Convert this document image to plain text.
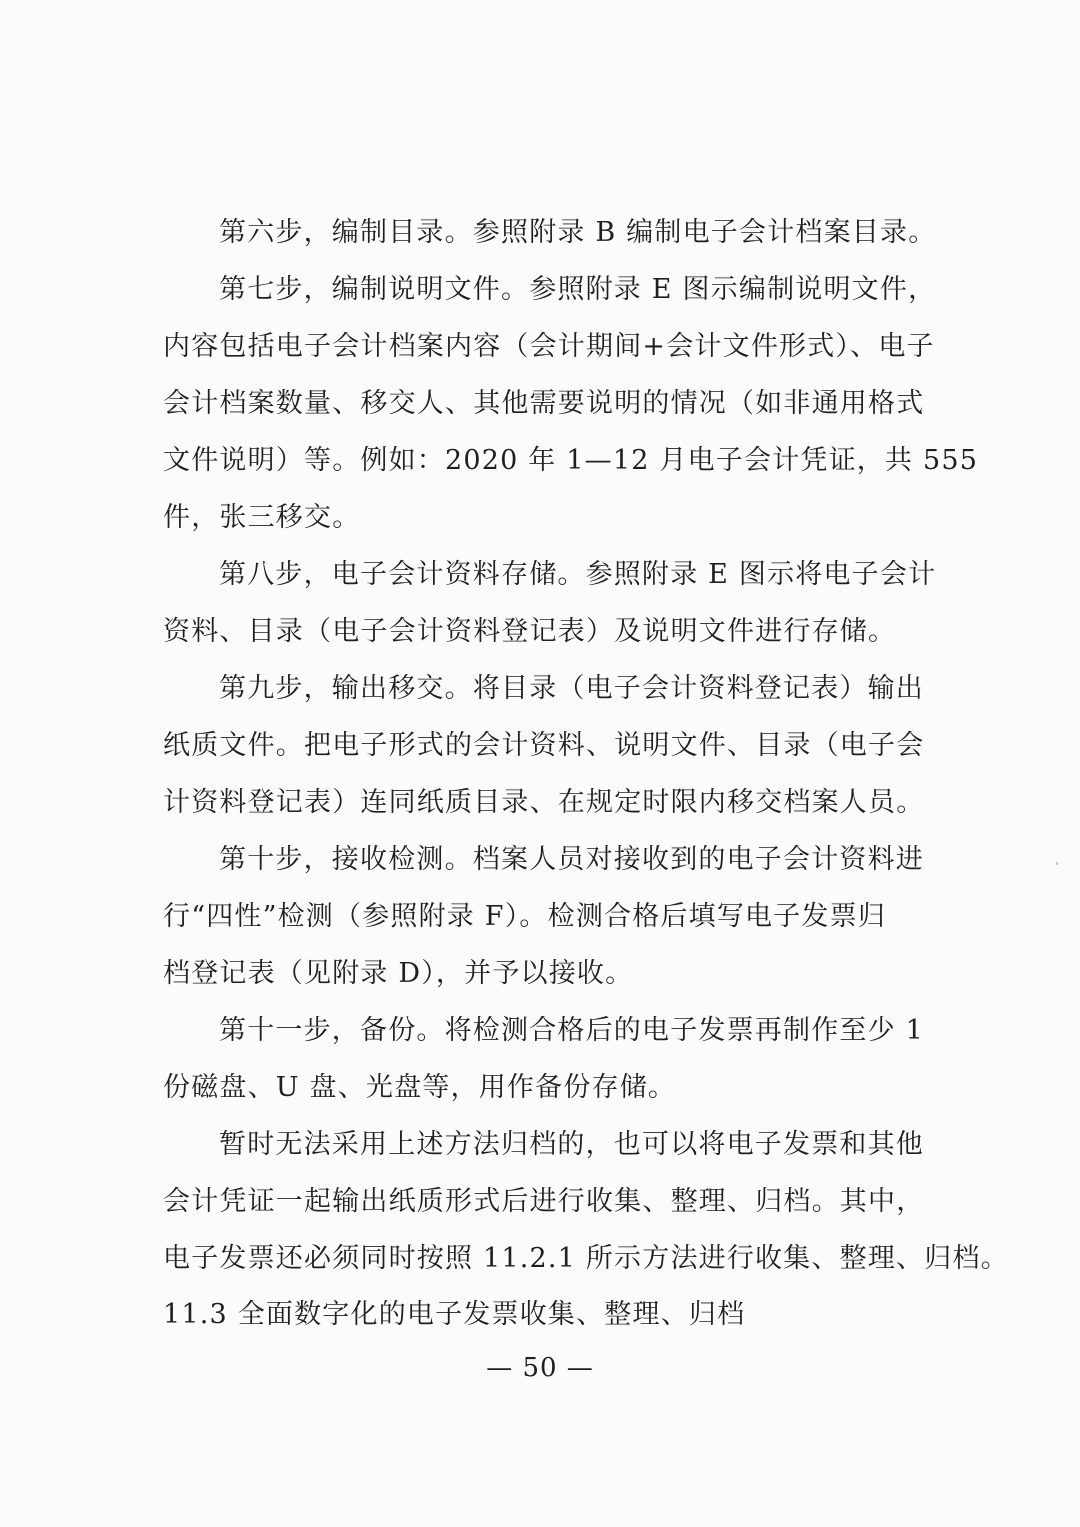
第六步，编制目录。参照附录 B 编制电子会计档案目录。
第七步，编制说明文件。参照附录 E 图示编制说明文件，
内容包括电子会计档案内容（会计期间+会计文件形式）、电子
会计档案数量、移交人、其他需要说明的情况（如非通用格式
文件说明）等。例如：2020 年 1—12 月电子会计凭证，共 555
件，张三移交。
第八步，电子会计资料存储。参照附录 E 图示将电子会计
资料、目录（电子会计资料登记表）及说明文件进行存储。
第九步，输出移交。将目录（电子会计资料登记表）输出
纸质文件。把电子形式的会计资料、说明文件、目录（电子会
计资料登记表）连同纸质目录、在规定时限内移交档案人员。
第十步，接收检测。档案人员对接收到的电子会计资料进
行“四性”检测（参照附录 F）。检测合格后填写电子发票归
档登记表（见附录 D），并予以接收。
第十一步，备份。将检测合格后的电子发票再制作至少 1
份磁盘、U 盘、光盘等，用作备份存储。
暂时无法采用上述方法归档的，也可以将电子发票和其他
会计凭证一起输出纸质形式后进行收集、整理、归档。其中，
电子发票还必须同时按照 11.2.1 所示方法进行收集、整理、归档。
11.3 全面数字化的电子发票收集、整理、归档
— 50 —
